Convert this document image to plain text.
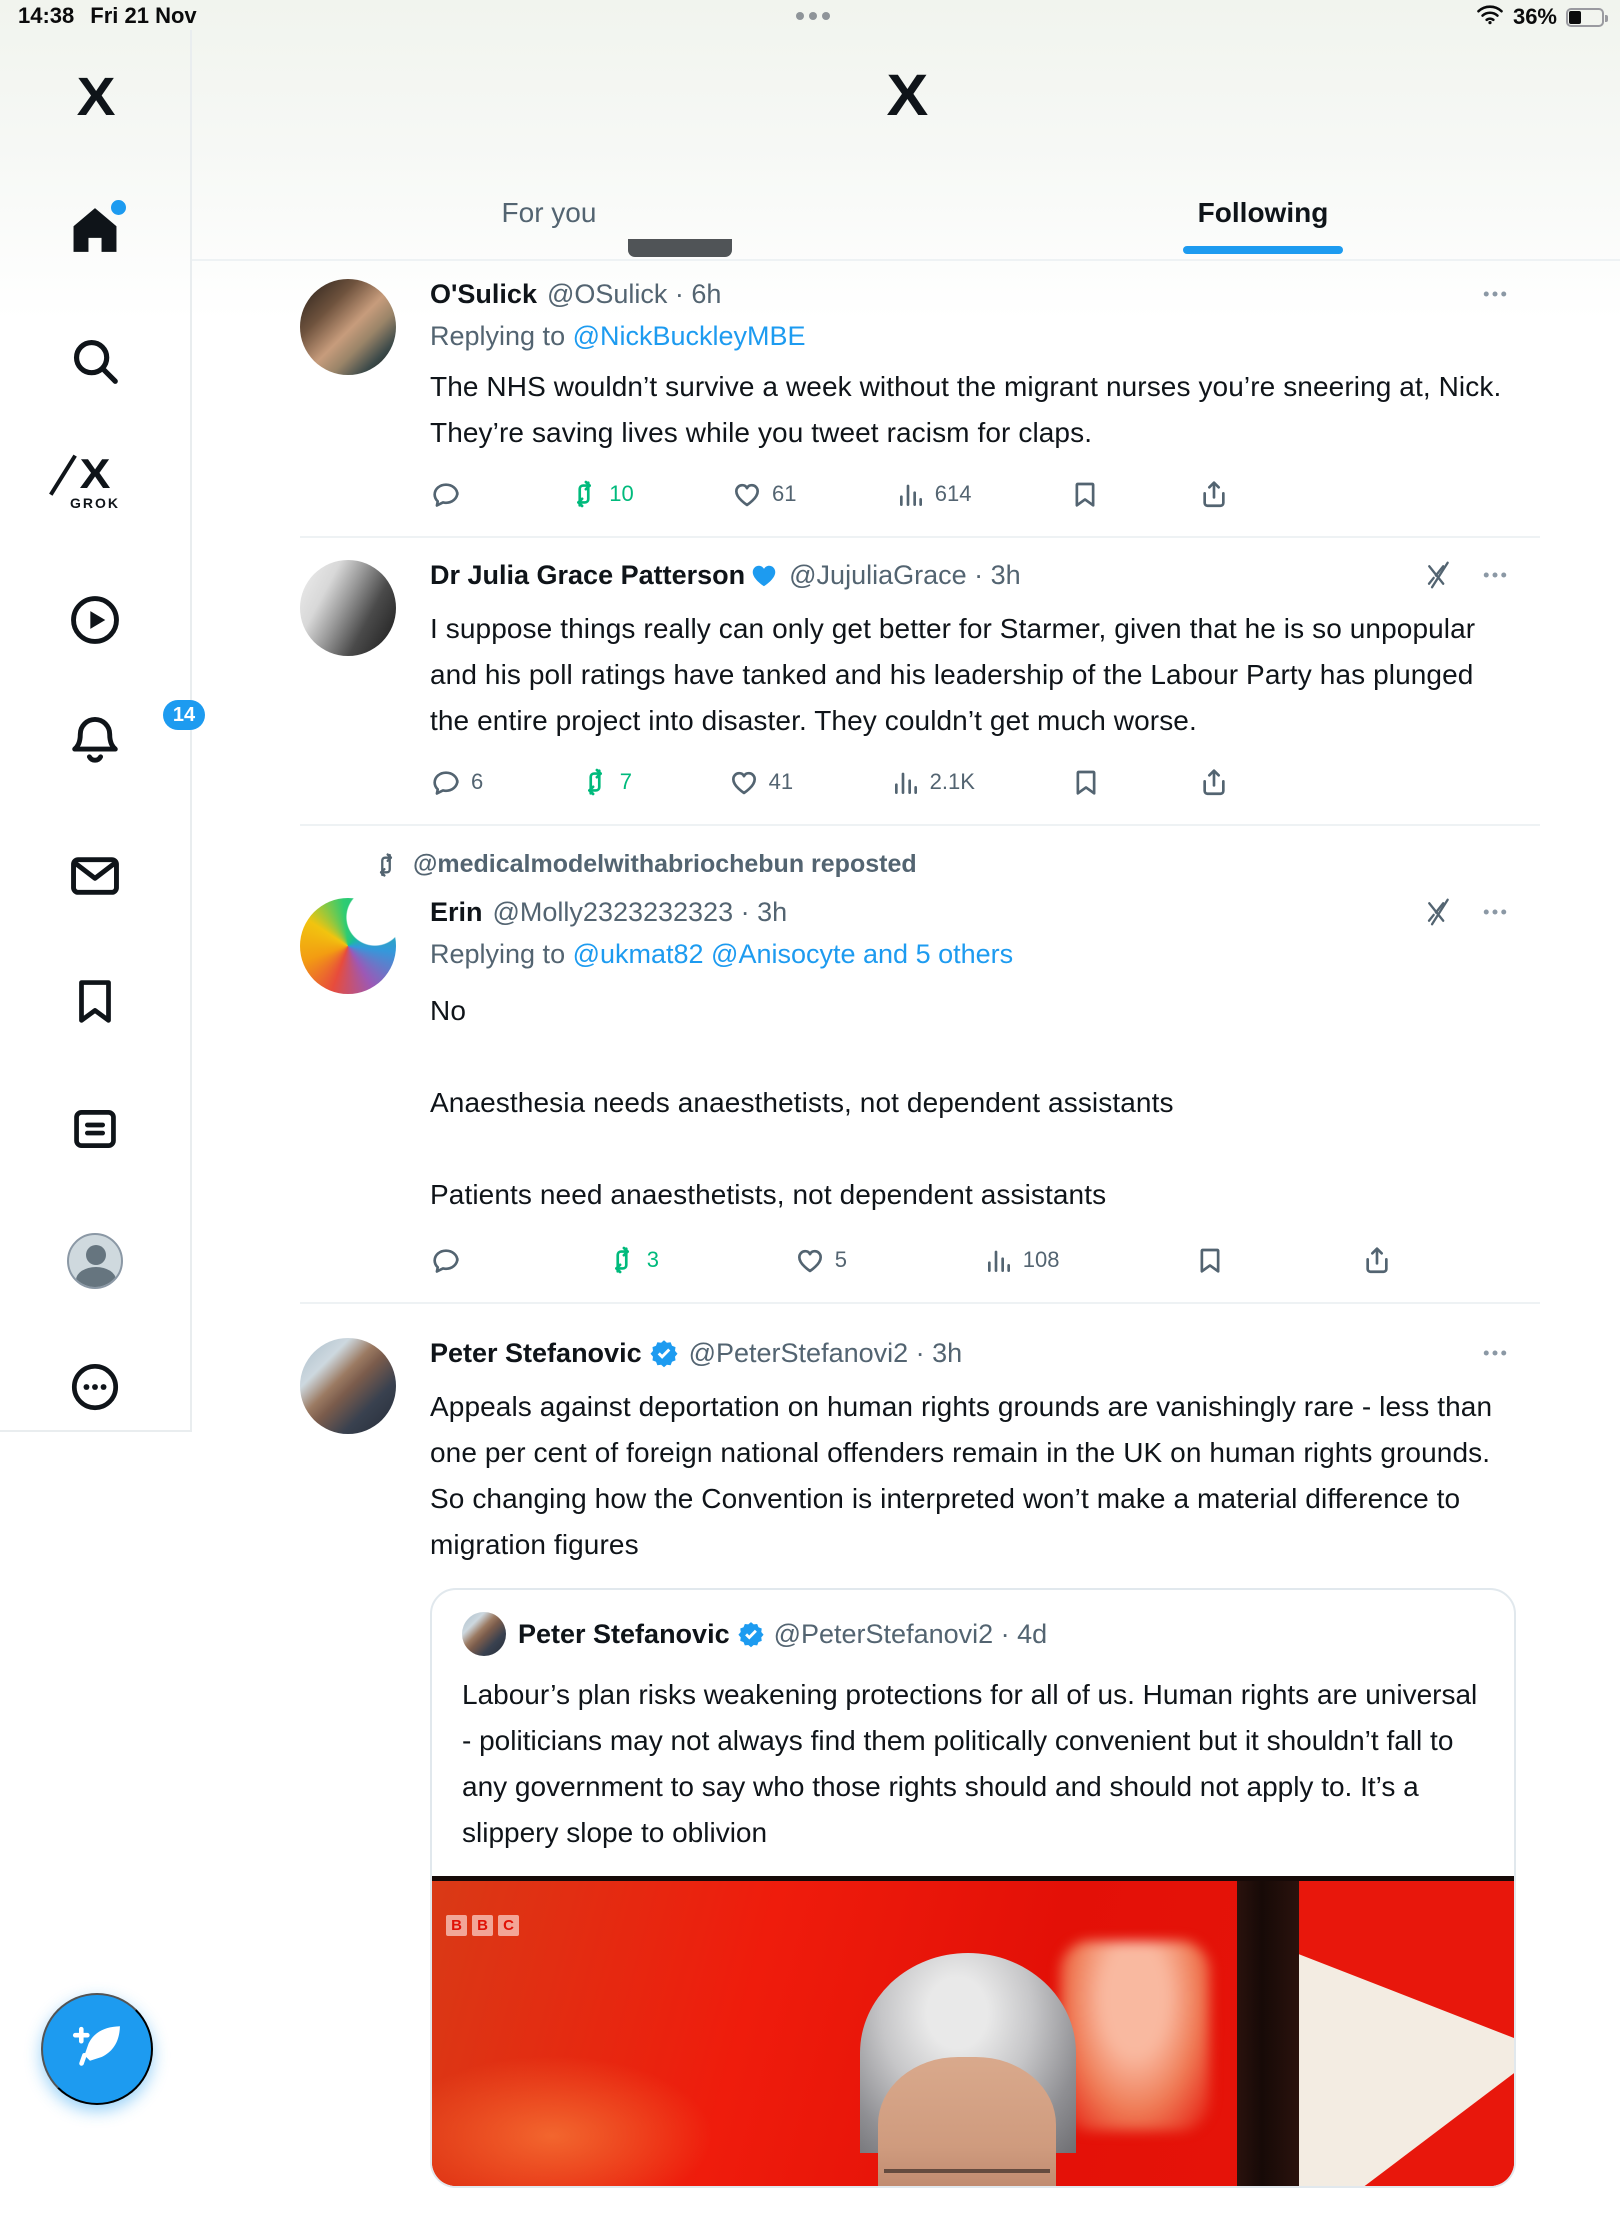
14:38 Fri 21 Nov	36%
X
X
GROK
14
X
For you	Following
O'Sulick @OSulick · 6h
Replying to @NickBuckleyMBE
The NHS wouldn’t survive a week without the migrant nurses you’re sneering at, Nick. They’re saving lives while you tweet racism for claps.
10	61	614
Dr Julia Grace Patterson @JujuliaGrace · 3h
I suppose things really can only get better for Starmer, given that he is so unpopular and his poll ratings have tanked and his leadership of the Labour Party has plunged the entire project into disaster. They couldn’t get much worse.
6	7	41	2.1K
@medicalmodelwithabriochebun reposted
Erin @Molly2323232323 · 3h
Replying to @ukmat82 @Anisocyte and 5 others
No
Anaesthesia needs anaesthetists, not dependent assistants
Patients need anaesthetists, not dependent assistants
3	5	108
Peter Stefanovic @PeterStefanovi2 · 3h
Appeals against deportation on human rights grounds are vanishingly rare - less than one per cent of foreign national offenders remain in the UK on human rights grounds. So changing how the Convention is interpreted won’t make a material difference to migration figures
Peter Stefanovic @PeterStefanovi2 · 4d
Labour’s plan risks weakening protections for all of us. Human rights are universal - politicians may not always find them politically convenient but it shouldn’t fall to any government to say who those rights should and should not apply to. It’s a slippery slope to oblivion
B	B	C
